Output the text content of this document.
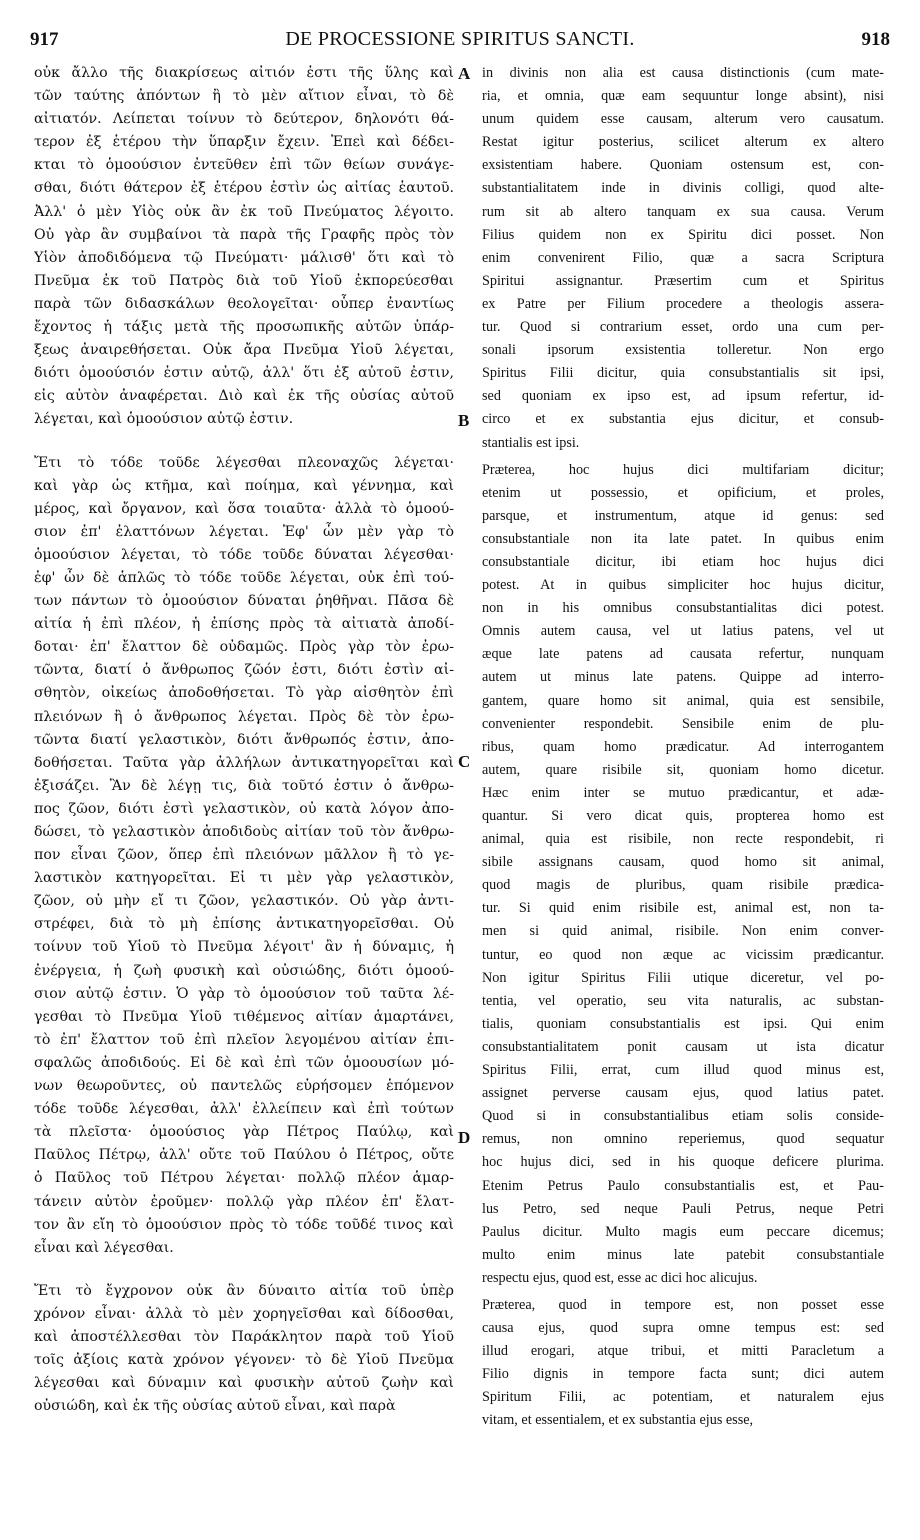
917	DE PROCESSIONE SPIRITUS SANCTI.	918
οὐκ ἄλλο τῆς διακρίσεως αἰτιόν ἐστι τῆς ὕλης καὶ
τῶν ταύτης ἀπόντων ἢ τὸ μὲν αἴτιον εἶναι, τὸ δὲ
αἰτιατόν. Λείπεται τοίνυν τὸ δεύτερον, δηλονότι θά-
τερον ἐξ ἑτέρου τὴν ὕπαρξιν ἔχειν. Ἐπεὶ καὶ δέδει-
κται τὸ ὁμοούσιον ἐντεῦθεν ἐπὶ τῶν θείων συνάγε-
σθαι, διότι θάτερον ἐξ ἑτέρου ἐστὶν ὡς αἰτίας ἑαυτοῦ.
Ἀλλ' ὁ μὲν Υἱὸς οὐκ ἂν ἐκ τοῦ Πνεύματος λέγοιτο.
Οὐ γὰρ ἂν συμβαίνοι τὰ παρὰ τῆς Γραφῆς πρὸς τὸν
Υἱὸν ἀποδιδόμενα τῷ Πνεύματι· μάλισθ' ὅτι καὶ τὸ
Πνεῦμα ἐκ τοῦ Πατρὸς διὰ τοῦ Υἱοῦ ἐκπορεύεσθαι
παρὰ τῶν διδασκάλων θεολογεῖται· οὗπερ ἐναντίως
ἔχοντος ἡ τάξις μετὰ τῆς προσωπικῆς αὐτῶν ὑπάρ-
ξεως ἀναιρεθήσεται. Οὐκ ἄρα Πνεῦμα Υἱοῦ λέγεται,
διότι ὁμοούσιόν ἐστιν αὐτῷ, ἀλλ' ὅτι ἐξ αὐτοῦ ἐστιν,
εἰς αὐτὸν ἀναφέρεται. Διὸ καὶ ἐκ τῆς οὐσίας αὐτοῦ
λέγεται, καὶ ὁμοούσιον αὐτῷ ἐστιν.
Ἔτι τὸ τόδε τοῦδε λέγεσθαι πλεοναχῶς λέγεται·
καὶ γὰρ ὡς κτῆμα, καὶ ποίημα, καὶ γέννημα, καὶ
μέρος, καὶ ὄργανον, καὶ ὅσα τοιαῦτα· ἀλλὰ τὸ ὁμοού-
σιον ἐπ' ἐλαττόνων λέγεται. Ἐφ' ὧν μὲν γὰρ τὸ
ὁμοούσιον λέγεται, τὸ τόδε τοῦδε δύναται λέγεσθαι·
ἐφ' ὧν δὲ ἁπλῶς τὸ τόδε τοῦδε λέγεται, οὐκ ἐπὶ τού-
των πάντων τὸ ὁμοούσιον δύναται ῥηθῆναι. Πᾶσα δὲ
αἰτία ἡ ἐπὶ πλέον, ἡ ἐπίσης πρὸς τὰ αἰτιατὰ ἀποδί-
δοται· ἐπ' ἔλαττον δὲ οὐδαμῶς. Πρὸς γὰρ τὸν ἐρω-
τῶντα, διατί ὁ ἄνθρωπος ζῶόν ἐστι, διότι ἐστὶν αἰ-
σθητὸν, οἰκείως ἀποδοθήσεται. Τὸ γὰρ αἰσθητὸν ἐπὶ
πλειόνων ἢ ὁ ἄνθρωπος λέγεται. Πρὸς δὲ τὸν ἐρω-
τῶντα διατί γελαστικὸν, διότι ἄνθρωπός ἐστιν, ἀπο-
δοθήσεται. Ταῦτα γὰρ ἀλλήλων ἀντικατηγορεῖται καὶ
ἐξισάζει. Ἂν δὲ λέγῃ τις, διὰ τοῦτό ἐστιν ὁ ἄνθρω-
πος ζῶον, διότι ἐστὶ γελαστικὸν, οὐ κατὰ λόγον ἀπο-
δώσει, τὸ γελαστικὸν ἀποδιδοὺς αἰτίαν τοῦ τὸν ἄνθρω-
πον εἶναι ζῶον, ὅπερ ἐπὶ πλειόνων μᾶλλον ἢ τὸ γε-
λαστικὸν κατηγορεῖται. Εἰ τι μὲν γὰρ γελαστικὸν,
ζῶον, οὐ μὴν εἴ τι ζῶον, γελαστικόν. Οὐ γὰρ ἀντι-
στρέφει, διὰ τὸ μὴ ἐπίσης ἀντικατηγορεῖσθαι. Οὐ
τοίνυν τοῦ Υἱοῦ τὸ Πνεῦμα λέγοιτ' ἂν ἡ δύναμις, ἡ
ἐνέργεια, ἡ ζωὴ φυσικὴ καὶ οὐσιώδης, διότι ὁμοού-
σιον αὐτῷ ἐστιν. Ὁ γὰρ τὸ ὁμοούσιον τοῦ ταῦτα λέ-
γεσθαι τὸ Πνεῦμα Υἱοῦ τιθέμενος αἰτίαν ἁμαρτάνει,
τὸ ἐπ' ἔλαττον τοῦ ἐπὶ πλεῖον λεγομένου αἰτίαν ἐπι-
σφαλῶς ἀποδιδούς. Εἰ δὲ καὶ ἐπὶ τῶν ὁμοουσίων μό-
νων θεωροῦντες, οὐ παντελῶς εὑρήσομεν ἑπόμενον
τόδε τοῦδε λέγεσθαι, ἀλλ' ἐλλείπειν καὶ ἐπὶ τούτων
τὰ πλεῖστα· ὁμοούσιος γὰρ Πέτρος Παύλῳ, καὶ
Παῦλος Πέτρῳ, ἀλλ' οὔτε τοῦ Παύλου ὁ Πέτρος, οὔτε
ὁ Παῦλος τοῦ Πέτρου λέγεται· πολλῷ πλέον ἁμαρ-
τάνειν αὐτὸν ἐροῦμεν· πολλῷ γὰρ πλέον ἐπ' ἔλατ-
τον ἂν εἴη τὸ ὁμοούσιον πρὸς τὸ τόδε τοῦδέ τινος καὶ
εἶναι καὶ λέγεσθαι.
Ἔτι τὸ ἔγχρονον οὐκ ἂν δύναιτο αἰτία τοῦ ὑπὲρ
χρόνον εἶναι· ἀλλὰ τὸ μὲν χορηγεῖσθαι καὶ δίδοσθαι,
καὶ ἀποστέλλεσθαι τὸν Παράκλητον παρὰ τοῦ Υἱοῦ
τοῖς ἀξίοις κατὰ χρόνον γέγονεν· τὸ δὲ Υἱοῦ Πνεῦμα
λέγεσθαι καὶ δύναμιν καὶ φυσικὴν αὐτοῦ ζωὴν καὶ
οὐσιώδη, καὶ ἐκ τῆς οὐσίας αὐτοῦ εἶναι, καὶ παρὰ
in divinis non alia est causa distinctionis (cum mate-
ria, et omnia, quæ eam sequuntur longe absint), nisi
unum quidem esse causam, alterum vero causatum.
Restat igitur posterius, scilicet alterum ex altero
exsistentiam habere. Quoniam ostensum est, con-
substantialitatem inde in divinis colligi, quod alte-
rum sit ab altero tanquam ex sua causa. Verum
Filius quidem non ex Spiritu dici posset. Non
enim convenirent Filio, quæ a sacra Scriptura
Spiritui assignantur. Præsertim cum et Spiritus
ex Patre per Filium procedere a theologis assera-
tur. Quod si contrarium esset, ordo una cum per-
sonali ipsorum exsistentia tolleretur. Non ergo
Spiritus Filii dicitur, quia consubstantialis sit ipsi,
sed quoniam ex ipso est, ad ipsum refertur, id-
circo et ex substantia ejus dicitur, et consub-
stantialis est ipsi.
Præterea, hoc hujus dici multifariam dicitur;
etenim ut possessio, et opificium, et proles,
parsque, et instrumentum, atque id genus: sed
consubstantiale non ita late patet. In quibus enim
consubstantiale dicitur, ibi etiam hoc hujus dici
potest. At in quibus simpliciter hoc hujus dicitur,
non in his omnibus consubstantialitas dici potest.
Omnis autem causa, vel ut latius patens, vel ut
æque late patens ad causata refertur, nunquam
autem ut minus late patens. Quippe ad interro-
gantem, quare homo sit animal, quia est sensibile,
convenienter respondebit. Sensibile enim de plu-
ribus, quam homo prædicatur. Ad interrogantem
autem, quare risibile sit, quoniam homo dicetur.
Hæc enim inter se mutuo prædicantur, et adæ-
quantur. Si vero dicat quis, propterea homo est
animal, quia est risibile, non recte respondebit, ri
sibile assignans causam, quod homo sit animal,
quod magis de pluribus, quam risibile prædica-
tur. Si quid enim risibile est, animal est, non ta-
men si quid animal, risibile. Non enim conver-
tuntur, eo quod non æque ac vicissim prædicantur.
Non igitur Spiritus Filii utique diceretur, vel po-
tentia, vel operatio, seu vita naturalis, ac substan-
tialis, quoniam consubstantialis est ipsi. Qui enim
consubstantialitatem ponit causam ut ista dicatur
Spiritus Filii, errat, cum illud quod minus est,
assignet perverse causam ejus, quod latius patet.
Quod si in consubstantialibus etiam solis conside-
remus, non omnino reperiemus, quod sequatur
hoc hujus dici, sed in his quoque deficere plurima.
Etenim Petrus Paulo consubstantialis est, et Pau-
lus Petro, sed neque Pauli Petrus, neque Petri
Paulus dicitur. Multo magis eum peccare dicemus;
multo enim minus late patebit consubstantiale
respectu ejus, quod est, esse ac dici hoc alicujus.
Præterea, quod in tempore est, non posset esse
causa ejus, quod supra omne tempus est: sed
illud erogari, atque tribui, et mitti Paracletum a
Filio dignis in tempore facta sunt; dici autem
Spiritum Filii, ac potentiam, et naturalem ejus
vitam, et essentialem, et ex substantia ejus esse,
A
B
C
D
